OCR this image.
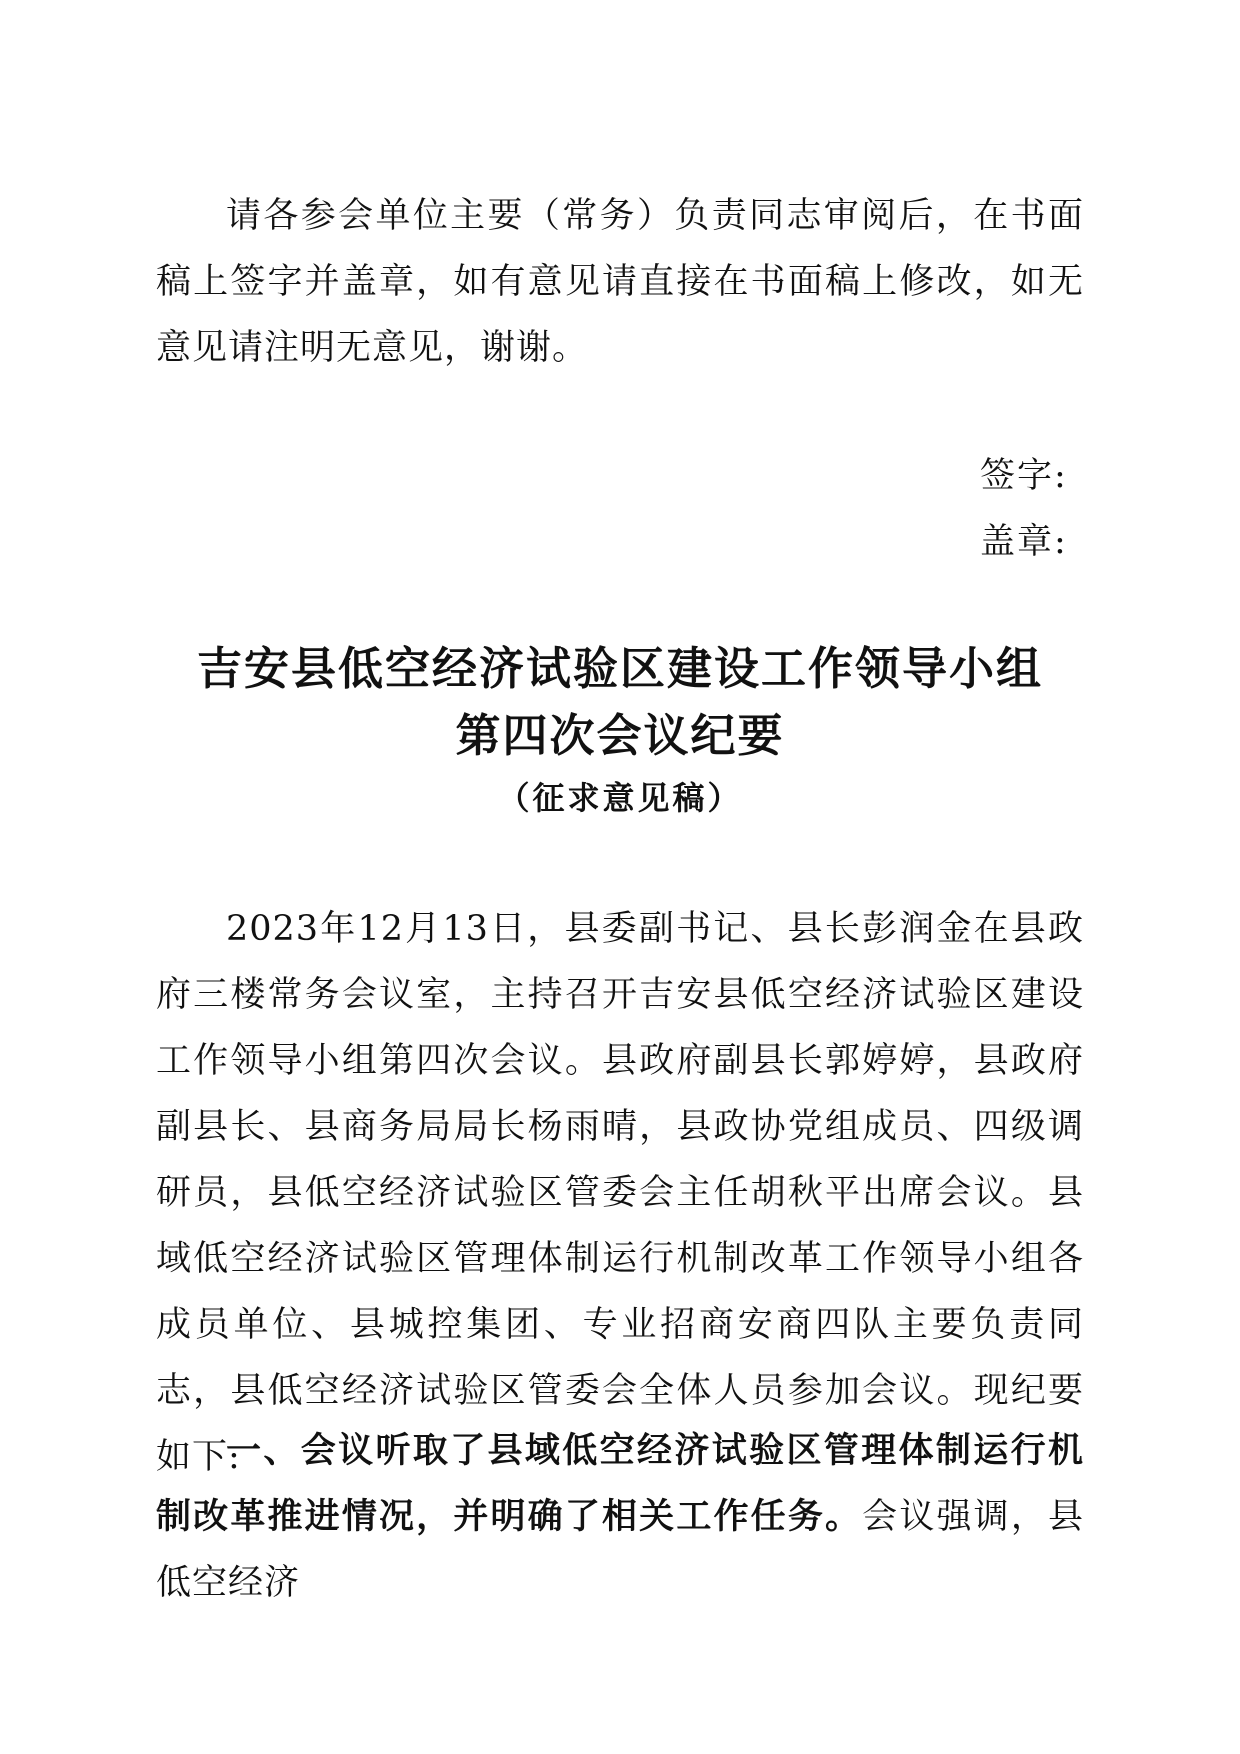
请各参会单位主要（常务）负责同志审阅后，在书面稿上签字并盖章，如有意见请直接在书面稿上修改，如无意见请注明无意见，谢谢。

签字:
盖章:
吉安县低空经济试验区建设工作领导小组
第四次会议纪要
（征求意见稿）

2023年12月13日，县委副书记、县长彭润金在县政府三楼常务会议室，主持召开吉安县低空经济试验区建设工作领导小组第四次会议。县政府副县长郭婷婷，县政府副县长、县商务局局长杨雨晴，县政协党组成员、四级调研员，县低空经济试验区管委会主任胡秋平出席会议。县域低空经济试验区管理体制运行机制改革工作领导小组各成员单位、县城控集团、专业招商安商四队主要负责同志，县低空经济试验区管委会全体人员参加会议。现纪要如下:

一、会议听取了县域低空经济试验区管理体制运行机制改革推进情况，并明确了相关工作任务。会议强调，县低空经济
